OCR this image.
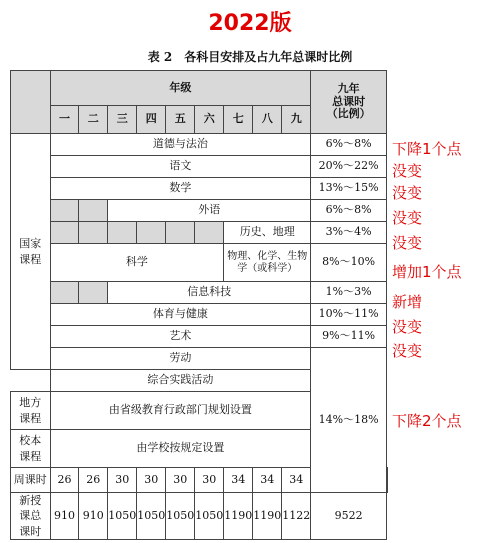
2022版
表 2　各科目安排及占九年总课时比例
	年级									九年
总课时
（比例）	

	一	二	三	四	五	六	七	八	九		
国家课程	道德与法治									6%～8%	
	语文									20%～22%	
	数学									13%～15%	
			外语							6%～8%	
							历史、地理			3%～4%	
	科学						物理、化学、生物学（或科学）			8%～10%	
			信息科技							1%～3%	
	体育与健康									10%～11%	
	艺术									9%～11%	
	劳动									14%～18%	
	综合实践活动										
地方课程	由省级教育行政部门规划设置										
校本课程	由学校按规定设置										
周课时	26	26	30	30	30	30	34	34	34		
新授课总课时	910	910	1050	1050	1050	1050	1190	1190	1122	9522	
下降1个点
没变
没变
没变
没变
增加1个点
新增
没变
没变
下降2个点
